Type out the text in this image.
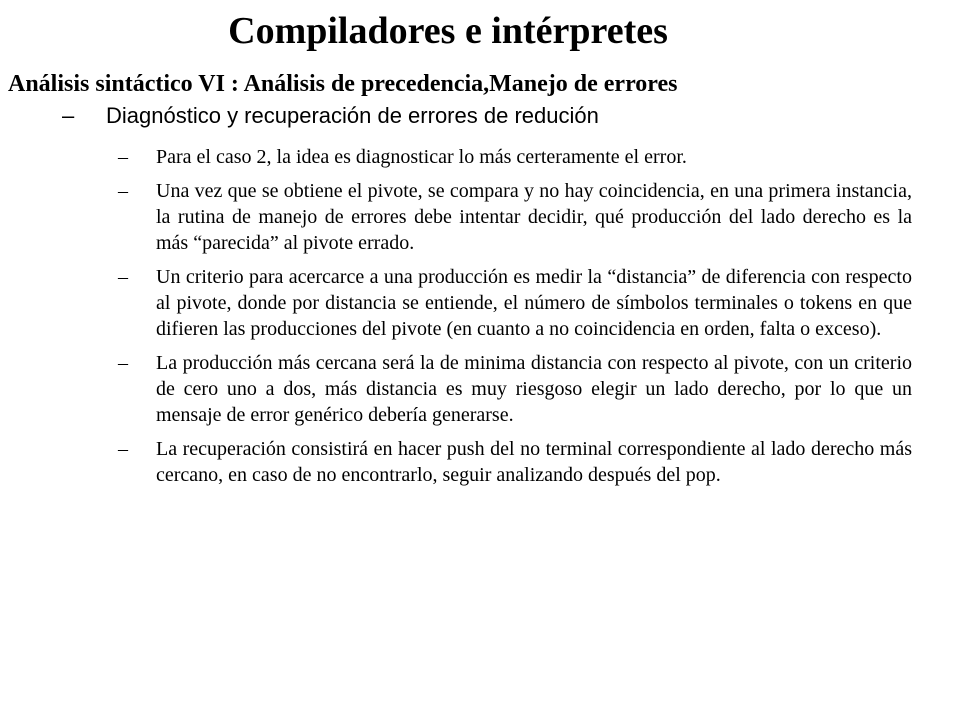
Compiladores e intérpretes
Análisis sintáctico VI : Análisis de precedencia,Manejo de errores
–	Diagnóstico y recuperación de errores de redución
–	Para el caso 2, la idea es diagnosticar lo más certeramente el error.
–	Una vez que se obtiene el pivote, se compara y no hay coincidencia, en una primera instancia, la rutina de manejo de errores debe intentar decidir, qué producción del lado derecho es la más “parecida” al pivote errado.
–	Un criterio para acercarce a una producción es medir la “distancia” de diferencia con respecto al pivote, donde por distancia se entiende, el número de símbolos terminales o tokens en que difieren las producciones del pivote (en cuanto a no coincidencia en orden, falta o exceso).
–	La producción más cercana será la de minima distancia con respecto al pivote, con un criterio de cero uno a dos, más distancia es muy riesgoso elegir un lado derecho, por lo que un mensaje de error genérico debería generarse.
–	La recuperación consistirá en hacer push del no terminal correspondiente al lado derecho más cercano, en caso de no encontrarlo, seguir analizando después del pop.
